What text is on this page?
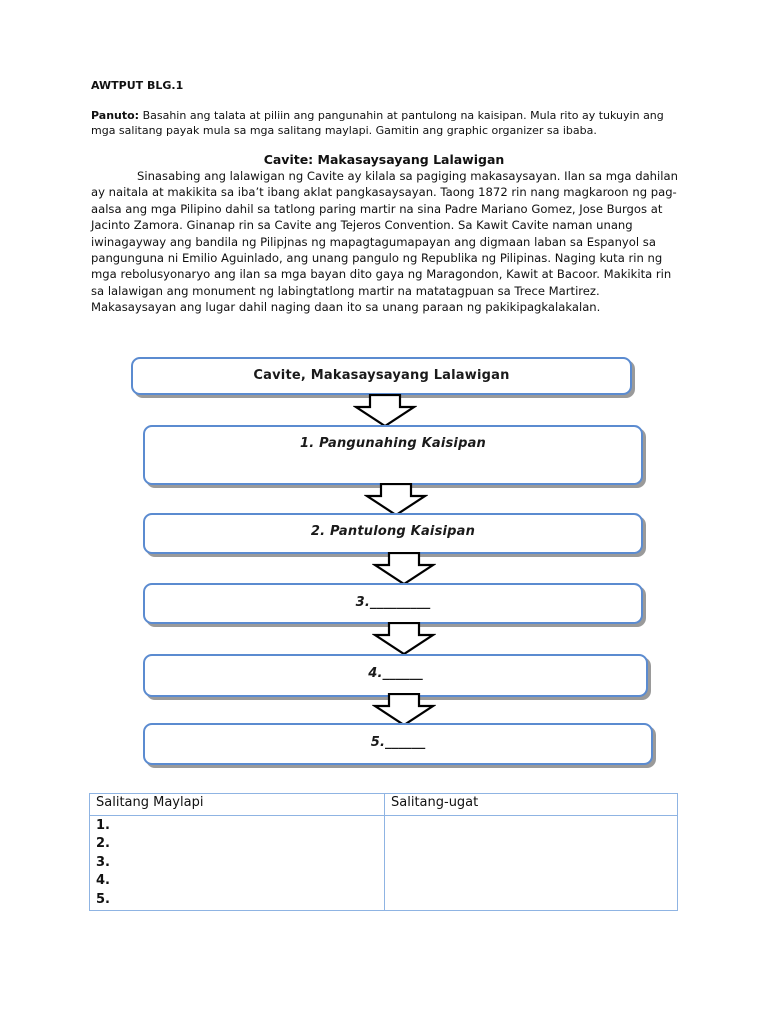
AWTPUT BLG.1
Panuto: Basahin ang talata at piliin ang pangunahin at pantulong na kaisipan. Mula rito ay tukuyin ang mga salitang payak mula sa mga salitang maylapi. Gamitin ang graphic organizer sa ibaba.
Cavite: Makasaysayang Lalawigan
Sinasabing ang lalawigan ng Cavite ay kilala sa pagiging makasaysayan. Ilan sa mga dahilan ay naitala at makikita sa iba’t ibang aklat pangkasaysayan. Taong 1872 rin nang magkaroon ng pag-aalsa ang mga Pilipino dahil sa tatlong paring martir na sina Padre Mariano Gomez, Jose Burgos at Jacinto Zamora. Ginanap rin sa Cavite ang Tejeros Convention. Sa Kawit Cavite naman unang iwinagayway ang bandila ng Pilipjnas ng mapagtagumapayan ang digmaan laban sa Espanyol sa pangunguna ni Emilio Aguinlado, ang unang pangulo ng Republika ng Pilipinas. Naging kuta rin ng mga rebolusyonaryo ang ilan sa mga bayan dito gaya ng Maragondon, Kawit at Bacoor. Makikita rin sa lalawigan ang monument ng labingtatlong martir na matatagpuan sa Trece Martirez. Makasaysayan ang lugar dahil naging daan ito sa unang paraan ng pakikipagkalakalan.
Cavite, Makasaysayang Lalawigan
1. Pangunahing Kaisipan
2. Pantulong Kaisipan
3._________
4.______
5.______
Salitang Maylapi	Salitang-ugat

1.
2.
3.
4.
5.	
